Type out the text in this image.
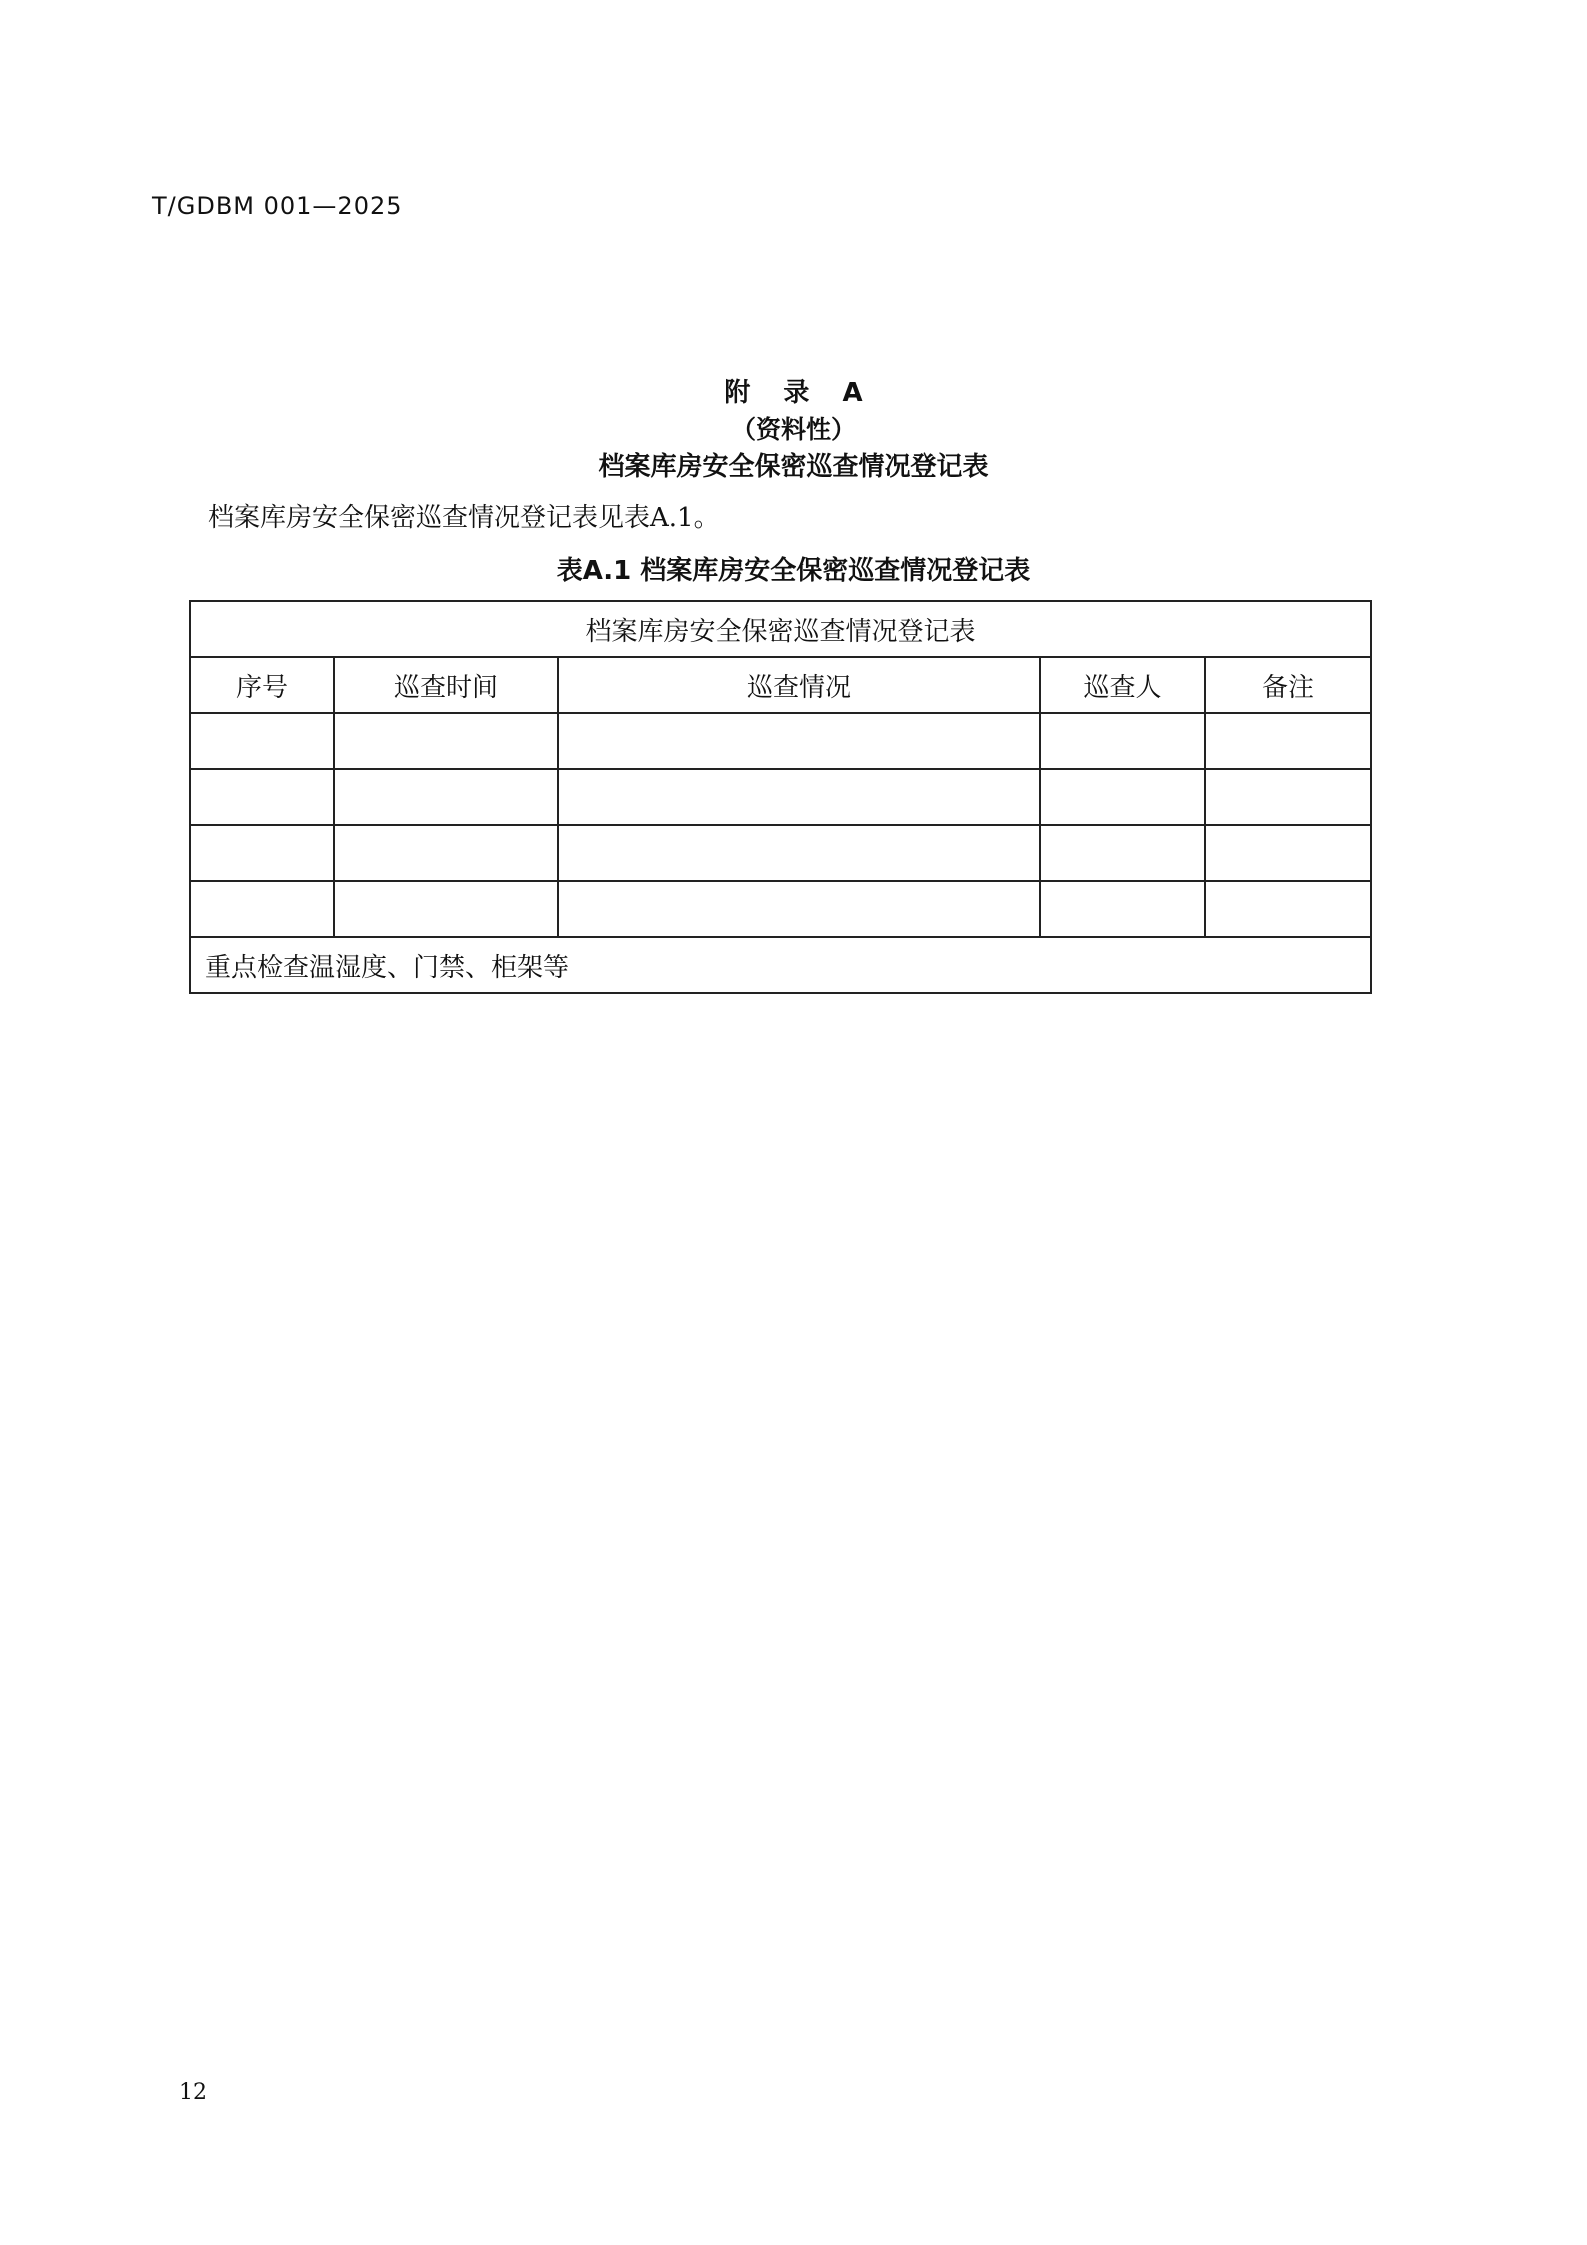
T/GDBM 001—2025
附 录 A
（资料性）
档案库房安全保密巡查情况登记表
档案库房安全保密巡查情况登记表见表A.1。
表A.1 档案库房安全保密巡查情况登记表
档案库房安全保密巡查情况登记表				
序号	巡查时间	巡查情况	巡查人	备注

重点检查温湿度、门禁、柜架等				
12
